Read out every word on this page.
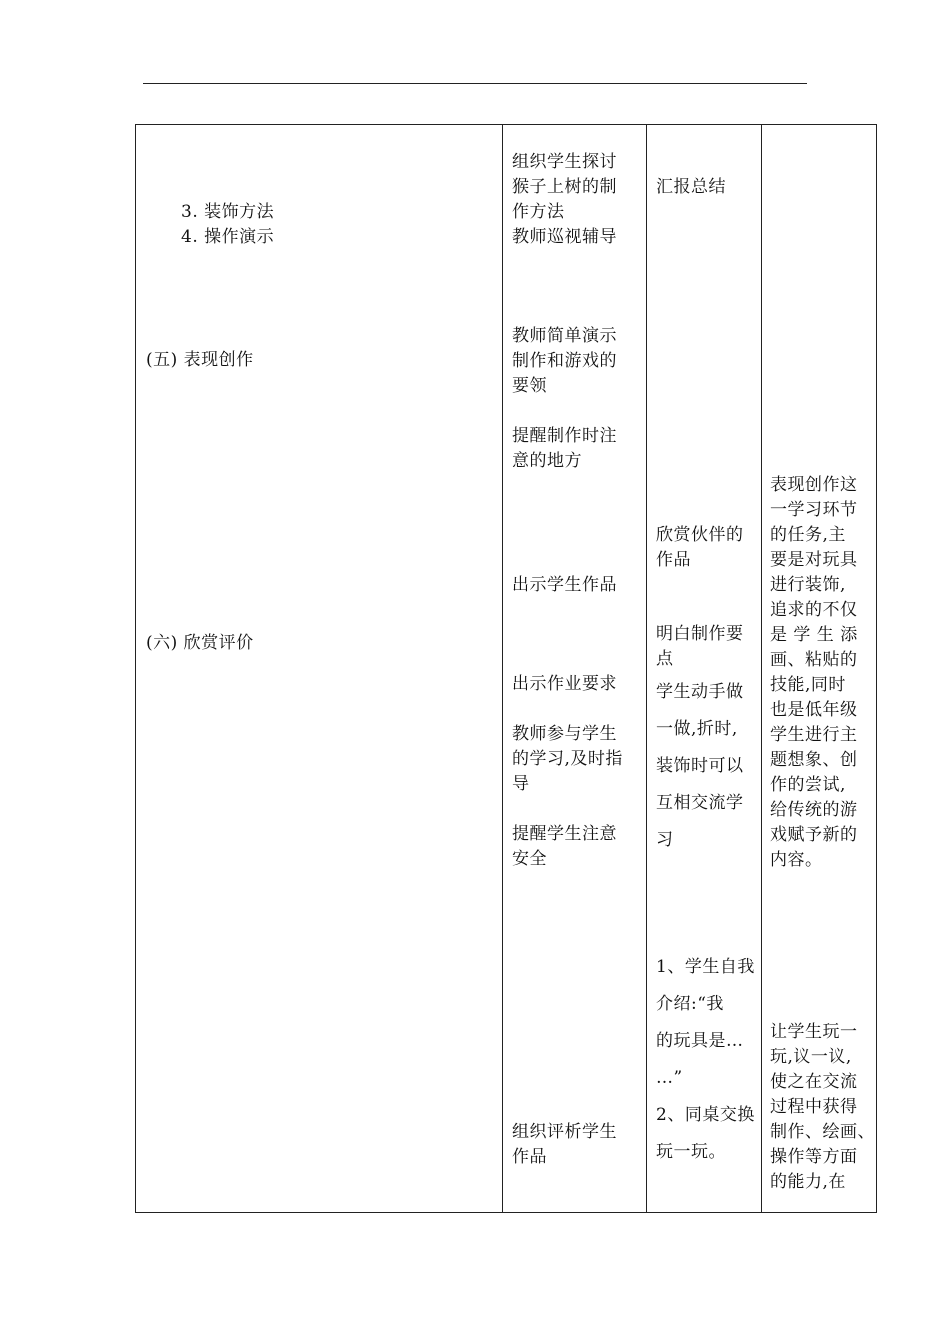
3. 装饰方法
4. 操作演示
(五) 表现创作
(六) 欣赏评价
组织学生探讨
猴子上树的制
作方法
教师巡视辅导
教师简单演示
制作和游戏的
要领
提醒制作时注
意的地方
出示学生作品
出示作业要求
教师参与学生
的学习,及时指
导
提醒学生注意
安全
组织评析学生
作品
汇报总结
欣赏伙伴的
作品
明白制作要
点
学生动手做
一做,折时,
装饰时可以
互相交流学
习
1、学生自我
介绍:“我
的玩具是…
…”
2、同桌交换
玩一玩。
表现创作这
一学习环节
的任务,主
要是对玩具
进行装饰,
追求的不仅
是 学 生 添
画、粘贴的
技能,同时
也是低年级
学生进行主
题想象、创
作的尝试,
给传统的游
戏赋予新的
内容。
让学生玩一
玩,议一议,
使之在交流
过程中获得
制作、绘画、
操作等方面
的能力,在
